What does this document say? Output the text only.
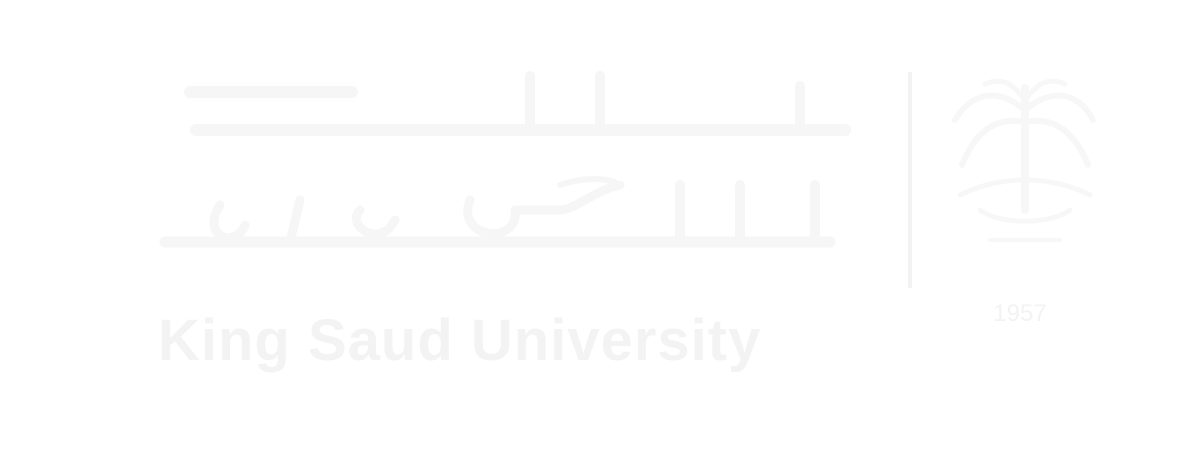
King Saud University	1957
